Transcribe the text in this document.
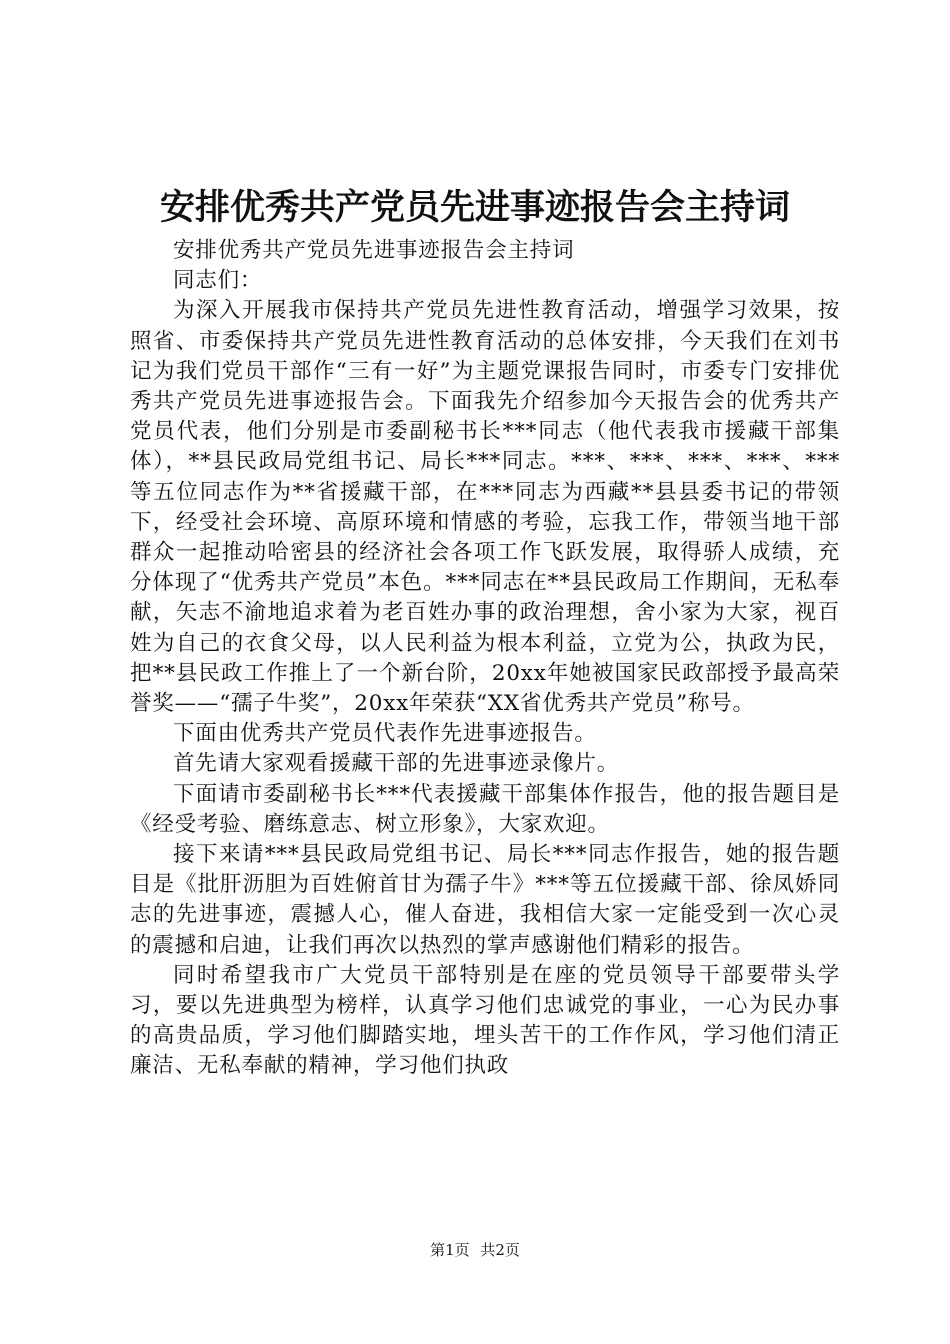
安排优秀共产党员先进事迹报告会主持词

安排优秀共产党员先进事迹报告会主持词

同志们：

为深入开展我市保持共产党员先进性教育活动，增强学习效果，按照省、市委保持共产党员先进性教育活动的总体安排，今天我们在刘书记为我们党员干部作“三有一好”为主题党课报告同时，市委专门安排优秀共产党员先进事迹报告会。下面我先介绍参加今天报告会的优秀共产党员代表，他们分别是市委副秘书长***同志（他代表我市援藏干部集体），**县民政局党组书记、局长***同志。***、***、***、***、***等五位同志作为**省援藏干部，在***同志为西藏**县县委书记的带领下，经受社会环境、高原环境和情感的考验，忘我工作，带领当地干部群众一起推动哈密县的经济社会各项工作飞跃发展，取得骄人成绩，充分体现了“优秀共产党员”本色。***同志在**县民政局工作期间，无私奉献，矢志不渝地追求着为老百姓办事的政治理想，舍小家为大家，视百姓为自己的衣食父母，以人民利益为根本利益，立党为公，执政为民，把**县民政工作推上了一个新台阶，20xx年她被国家民政部授予最高荣誉奖——“孺子牛奖”，20xx年荣获“XX省优秀共产党员”称号。

下面由优秀共产党员代表作先进事迹报告。

首先请大家观看援藏干部的先进事迹录像片。

下面请市委副秘书长***代表援藏干部集体作报告，他的报告题目是《经受考验、磨练意志、树立形象》，大家欢迎。

接下来请***县民政局党组书记、局长***同志作报告，她的报告题目是《批肝沥胆为百姓俯首甘为孺子牛》***等五位援藏干部、徐凤娇同志的先进事迹，震撼人心，催人奋进，我相信大家一定能受到一次心灵的震撼和启迪，让我们再次以热烈的掌声感谢他们精彩的报告。

同时希望我市广大党员干部特别是在座的党员领导干部要带头学习，要以先进典型为榜样，认真学习他们忠诚党的事业，一心为民办事的高贵品质，学习他们脚踏实地，埋头苦干的工作作风，学习他们清正廉洁、无私奉献的精神，学习他们执政

第1页 共2页
